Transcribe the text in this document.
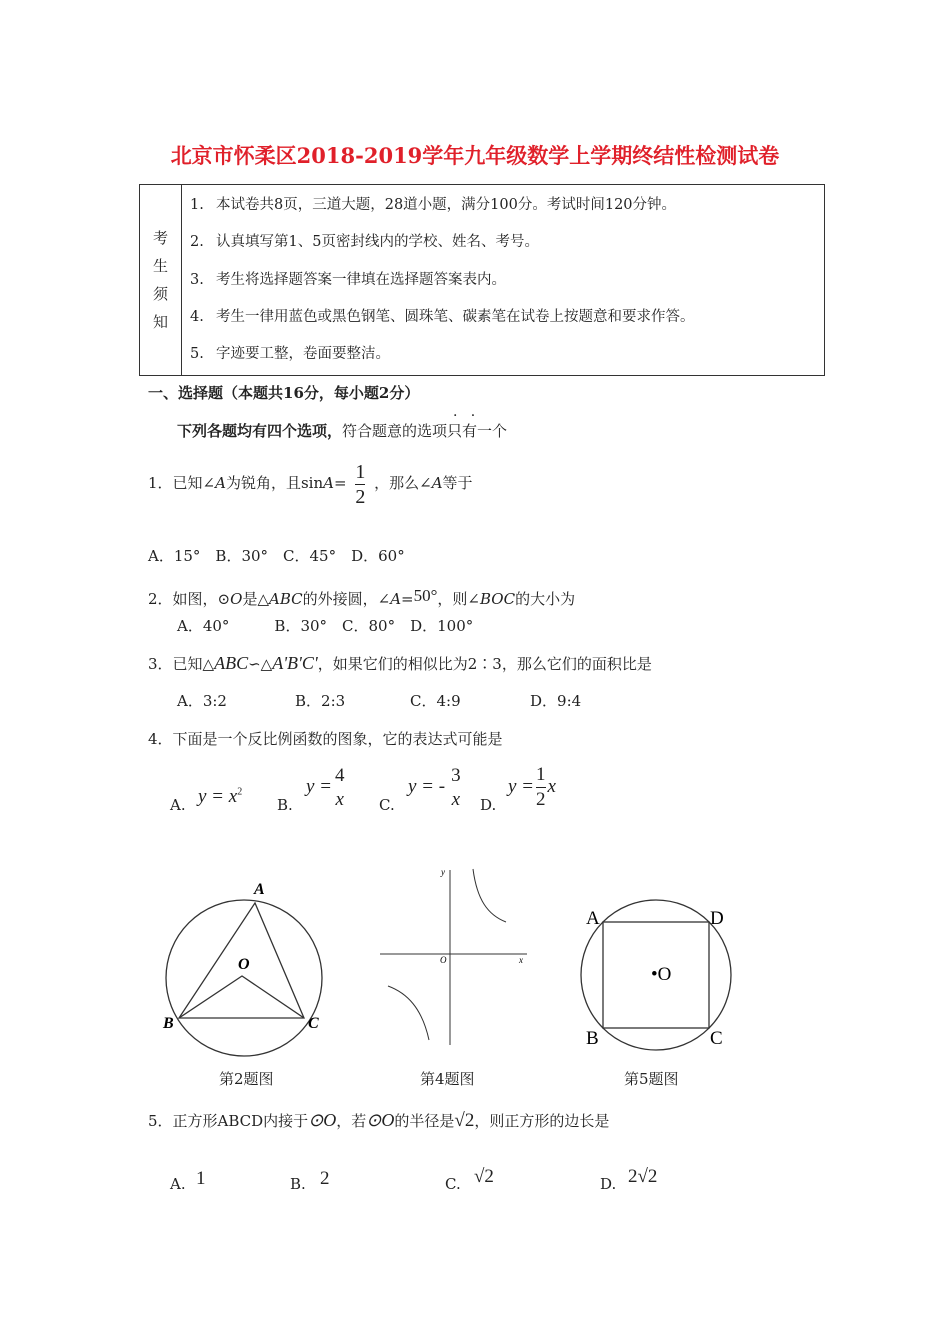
北京市怀柔区2018-2019学年九年级数学上学期终结性检测试卷
考
生
须
知
1. 本试卷共8页，三道大题，28道小题，满分100分。考试时间120分钟。
2. 认真填写第1、5页密封线内的学校、姓名、考号。
3. 考生将选择题答案一律填在选择题答案表内。
4. 考生一律用蓝色或黑色钢笔、圆珠笔、碳素笔在试卷上按题意和要求作答。
5. 字迹要工整，卷面要整洁。
一、选择题（本题共16分，每小题2分）
下列各题均有四个选项，符合题意的选项只有一个
·   ·
1．已知∠A为锐角，且$\sin A= \frac{1}{2}$ ，那么∠A等于
A．15°　B．30°　C．45°　D．60°
2．如图，⊙O是△ABC的外接圆，∠A=50°，则∠BOC的大小为
A．40°　　　B．30°　C．80°　D．100°
3．已知△ABC∽△A'B'C'，如果它们的相似比为2∶3，那么它们的面积比是
A．3:2	B．2:3	C．4:9	D．9:4
4．下面是一个反比例函数的图象，它的表达式可能是
A. $y = x^2$
B.
y =
4
x C.
y = -
3
x D.
$y = \frac{1}{2}$ x
A
B	C
O	x
y
O
A	D
B	C
•O
第2题图	第4题图	第5题图
5．正方形ABCD内接于⊙O，若⊙O的半径是√2，则正方形的边长是
A. 1	B. 2	C. √2	D. 2√2
